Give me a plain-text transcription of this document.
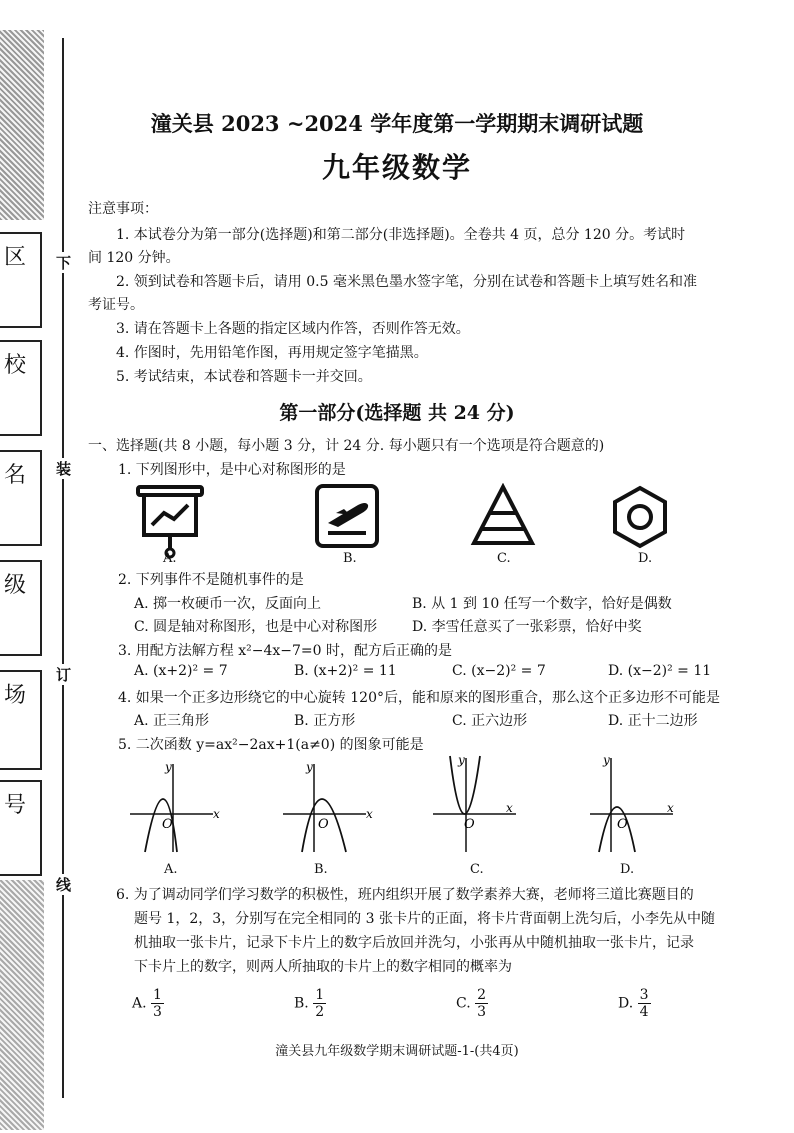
区
校
名
级
场
号
下
装
订
线
潼关县 2023 ~2024 学年度第一学期期末调研试题
九年级数学
注意事项：
1. 本试卷分为第一部分(选择题)和第二部分(非选择题)。全卷共 4 页，总分 120 分。考试时
间 120 分钟。
2. 领到试卷和答题卡后，请用 0.5 毫米黑色墨水签字笔，分别在试卷和答题卡上填写姓名和准
考证号。
3. 请在答题卡上各题的指定区域内作答，否则作答无效。
4. 作图时，先用铅笔作图，再用规定签字笔描黑。
5. 考试结束，本试卷和答题卡一并交回。
第一部分(选择题 共 24 分)
一、选择题(共 8 小题，每小题 3 分，计 24 分. 每小题只有一个选项是符合题意的)
1. 下列图形中，是中心对称图形的是
A.	B.	C.	D.
2. 下列事件不是随机事件的是
A. 掷一枚硬币一次，反面向上	B. 从 1 到 10 任写一个数字，恰好是偶数
C. 圆是轴对称图形，也是中心对称图形 D. 李雪任意买了一张彩票，恰好中奖
3. 用配方法解方程 x²−4x−7=0 时，配方后正确的是
A. (x+2)² = 7	B. (x+2)² = 11	C. (x−2)² = 7	D. (x−2)² = 11
4. 如果一个正多边形绕它的中心旋转 120°后，能和原来的图形重合，那么这个正多边形不可能是
A. 正三角形	B. 正方形	C. 正六边形	D. 正十二边形
5. 二次函数 y=ax²−2ax+1(a≠0) 的图象可能是
y
x
O
y
x
O
y
x
O
y
x
O
A.	B.	C.	D.
6. 为了调动同学们学习数学的积极性，班内组织开展了数学素养大赛，老师将三道比赛题目的
题号 1，2，3，分别写在完全相同的 3 张卡片的正面，将卡片背面朝上洗匀后，小李先从中随
机抽取一张卡片，记录下卡片上的数字后放回并洗匀，小张再从中随机抽取一张卡片，记录
下卡片上的数字，则两人所抽取的卡片上的数字相同的概率为
A. $\frac{1}{3}$	B. $\frac{1}{2}$	C. $\frac{2}{3}$	D. $\frac{3}{4}$
潼关县九年级数学期末调研试题-1-(共4页)
